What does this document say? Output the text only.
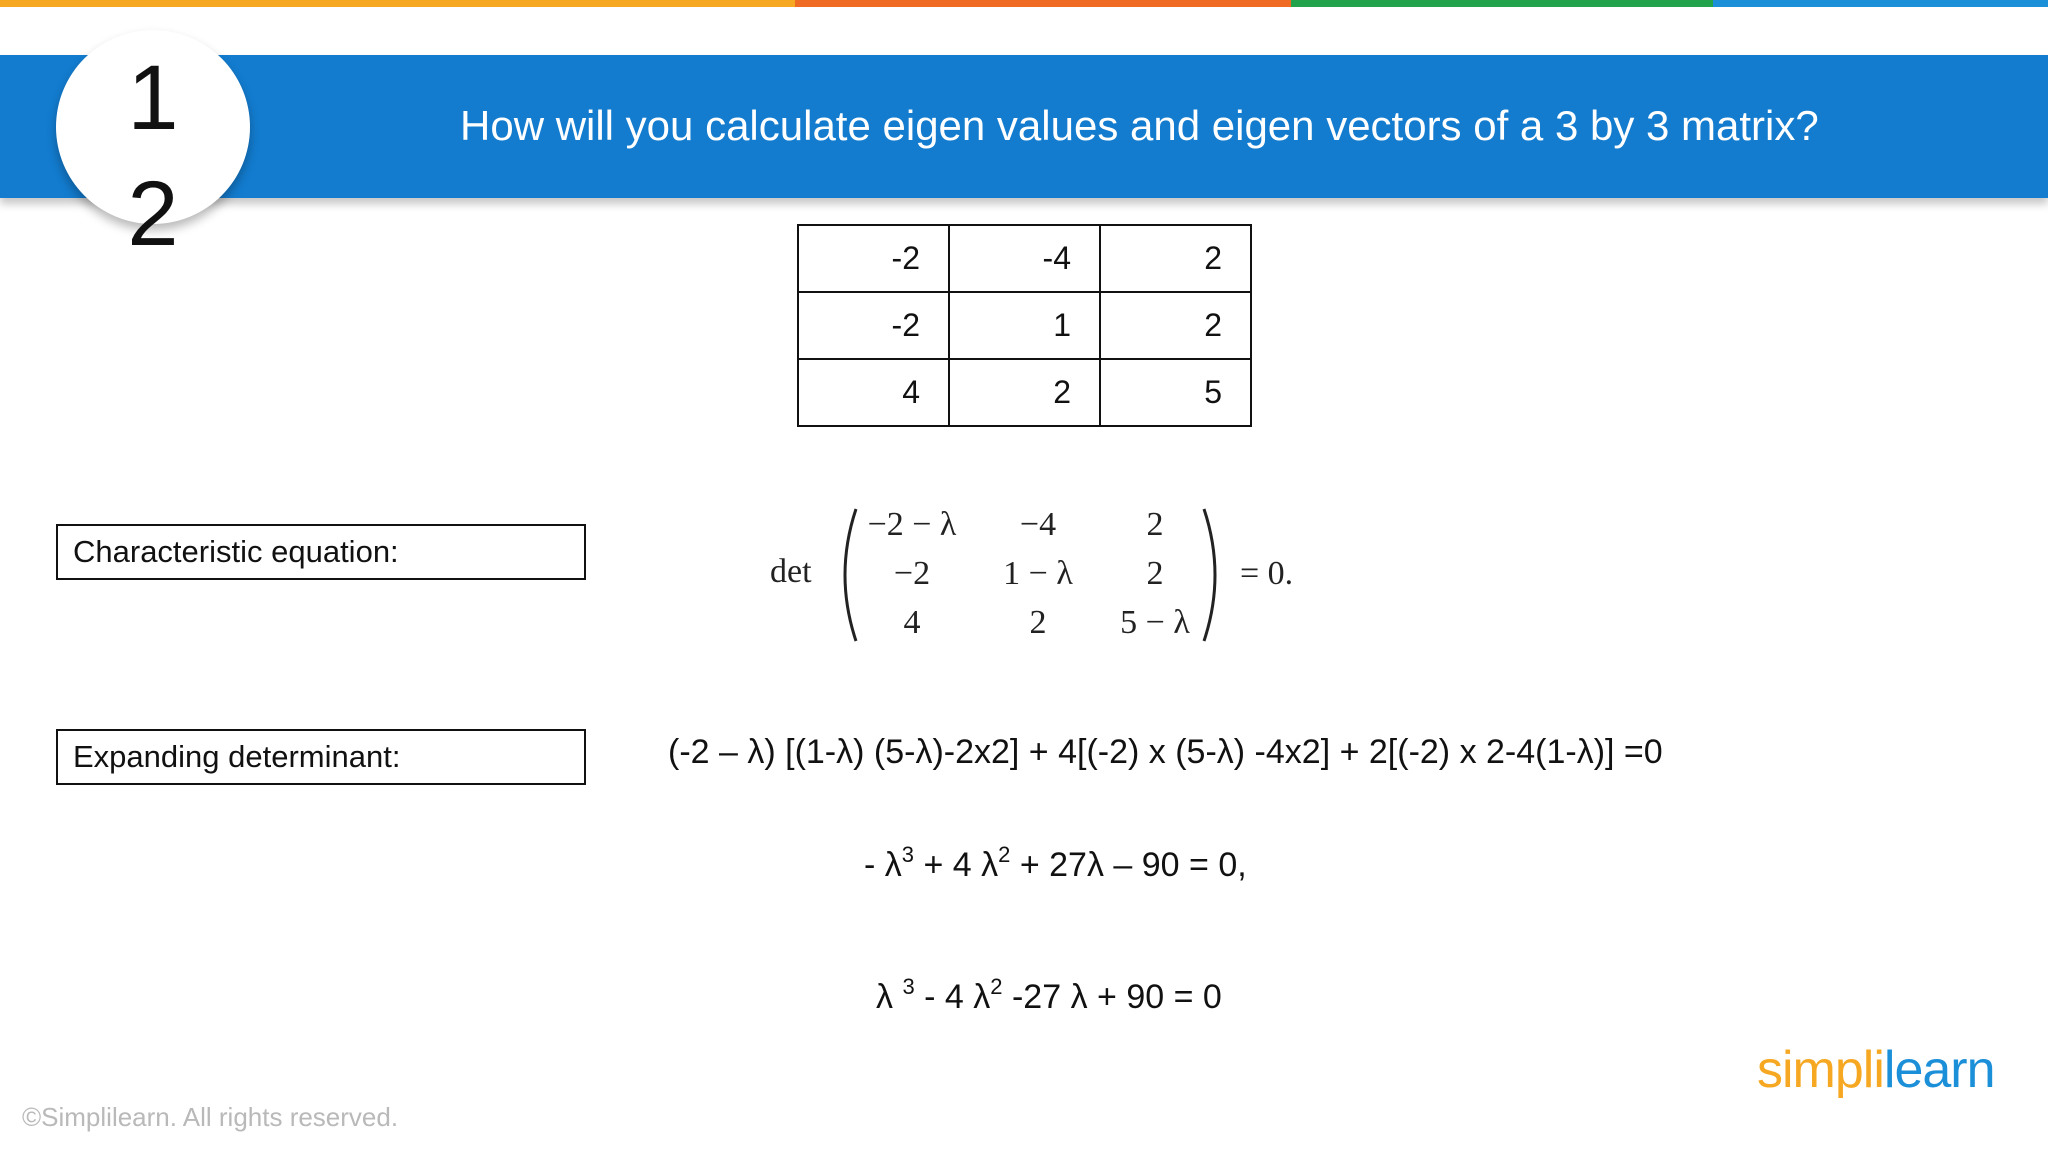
How will you calculate eigen values and eigen vectors of a 3 by 3 matrix?
1
2	-2	-4	2
-2	1	2
4	2	5
Characteristic equation:
det
−2 − λ	−4	2
−2	1 − λ	2
4	2	5 − λ
= 0.
Expanding determinant:	(-2 – λ) [(1-λ) (5-λ)-2x2] + 4[(-2) x (5-λ) -4x2] + 2[(-2) x 2-4(1-λ)] =0
- $\lambda^3 + 4$ $\lambda^2 + 27\lambda - 90 = 0$,
λ $^3$ - 4 $\lambda^2$ -27 λ + 90 = 0
©Simplilearn. All rights reserved.
simplilearn
